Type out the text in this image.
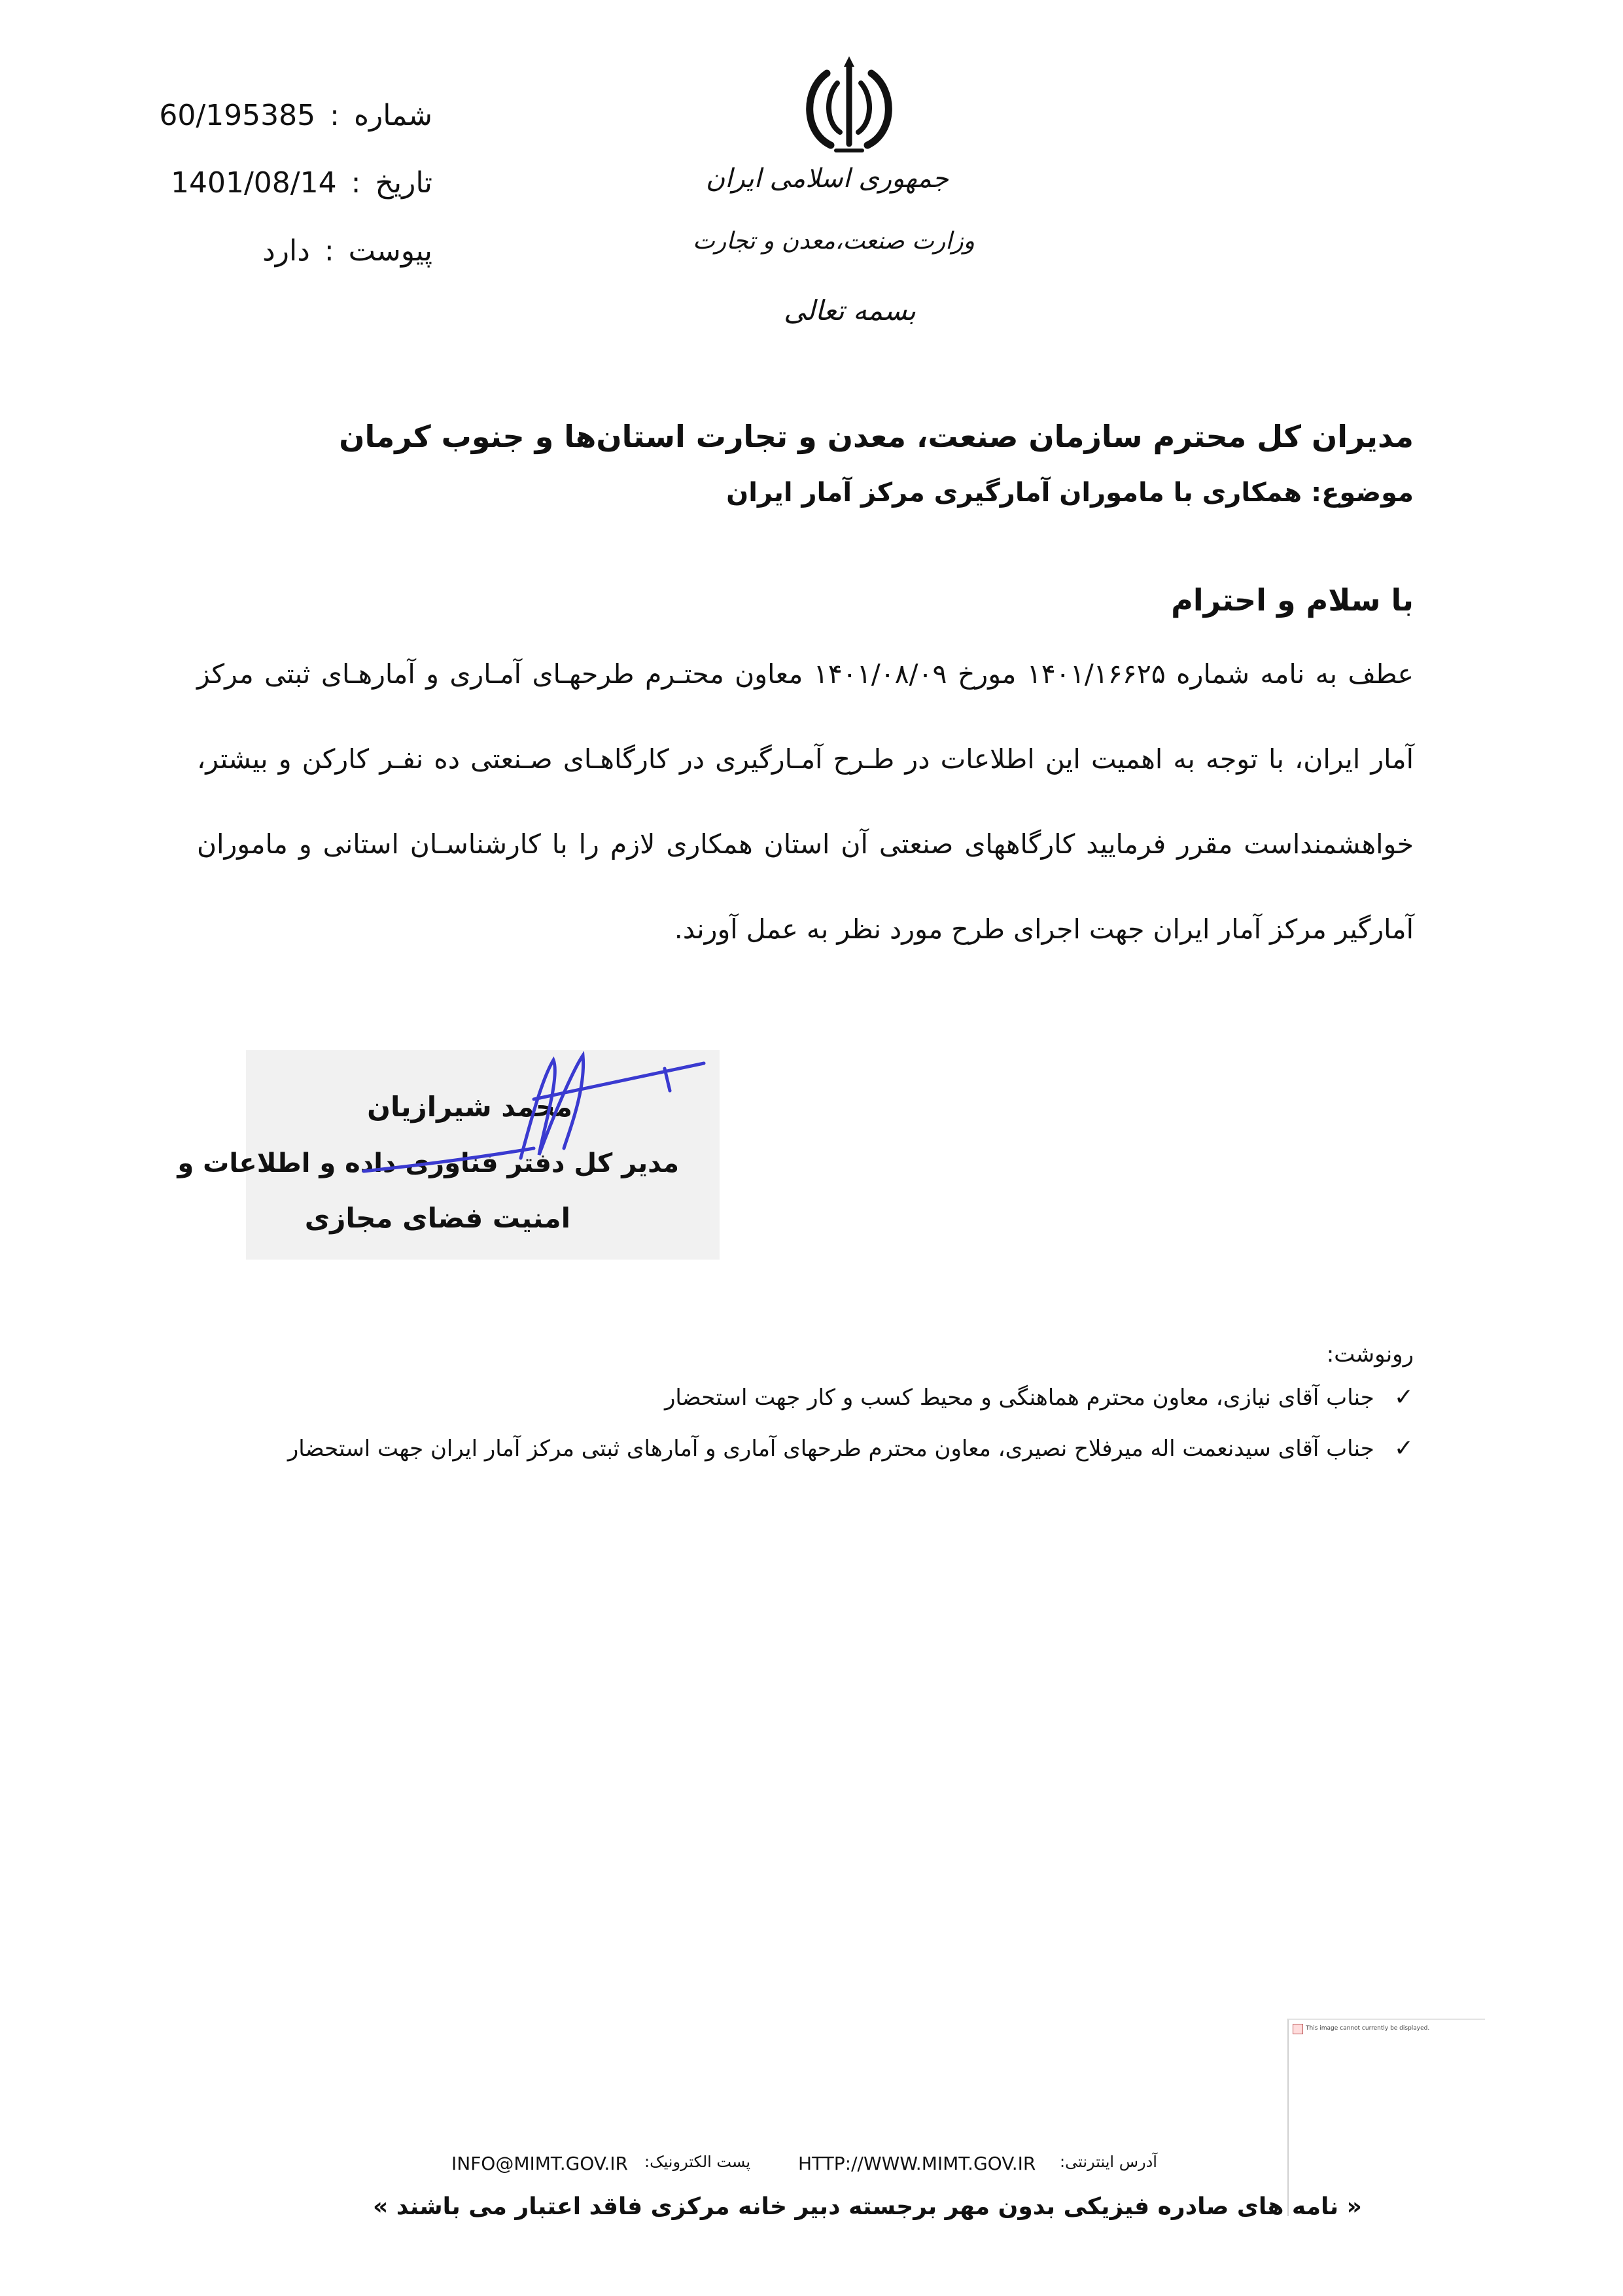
شماره:60/195385
تاریخ:1401/08/14
پیوست:دارد
جمهوری اسلامی ایران
وزارت صنعت،معدن و تجارت
بسمه تعالی
مدیران کل محترم سازمان صنعت، معدن و تجارت استان‌ها و جنوب کرمان
موضوع: همکاری با ماموران آمارگیری مرکز آمار ایران
با سلام و احترام
عطف به نامه شماره ۱۴۰۱/۱۶۶۲۵ مورخ ۱۴۰۱/۰۸/۰۹ معاون محتـرم طرحهـای آمـاری و آمارهـای ثبتی مرکز آمار ایران، با توجه به اهمیت این اطلاعات در طـرح آمـارگیری در کارگاهـای صـنعتی ده نفـر کارکن و بیشتر، خواهشمنداست مقرر فرمایید کارگاههای صنعتی آن استان همکاری لازم را با کارشناسـان استانی و ماموران آمارگیر مرکز آمار ایران جهت اجرای طرح مورد نظر به عمل آورند.
محمد شیرازیان
مدیر کل دفتر فناوری داده و اطلاعات و
امنیت فضای مجازی
رونوشت:
✓جناب آقای نیازی، معاون محترم هماهنگی و محیط کسب و کار جهت استحضار
✓جناب آقای سیدنعمت اله میرفلاح نصیری، معاون محترم طرحهای آماری و آمارهای ثبتی مرکز آمار ایران جهت استحضار
This image cannot currently be displayed.
INFO@MIMT.GOV.IR پست الکترونیک:	HTTP://WWW.MIMT.GOV.IR آدرس اینترنتی:
« نامه های صادره فیزیکی بدون مهر برجسته دبیر خانه مرکزی فاقد اعتبار می باشند »
